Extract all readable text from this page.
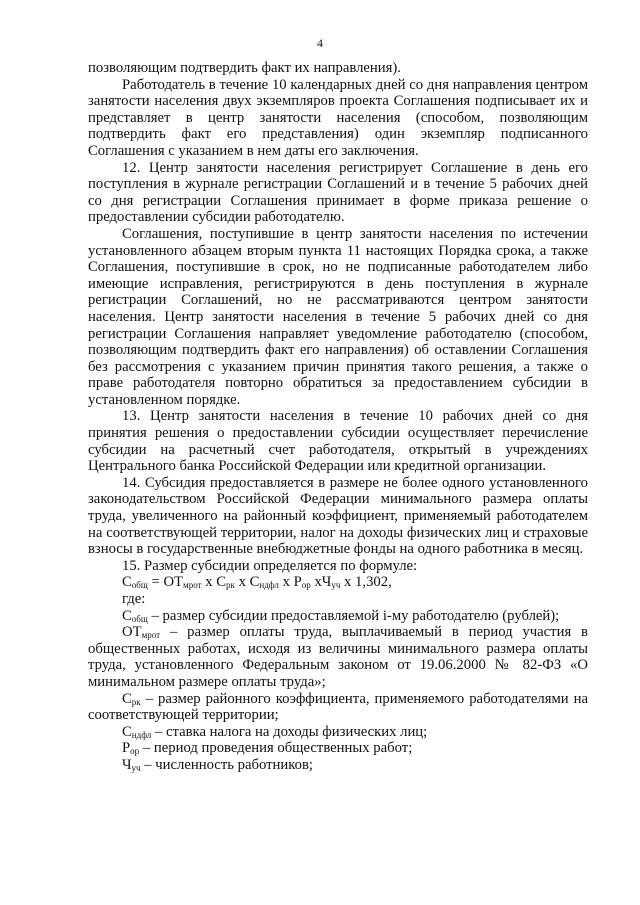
4

позволяющим подтвердить факт их направления).

Работодатель в течение 10 календарных дней со дня направления центром занятости населения двух экземпляров проекта Соглашения подписывает их и представляет в центр занятости населения (способом, позволяющим подтвердить факт его представления) один экземпляр подписанного Соглашения с указанием в нем даты его заключения.

12. Центр занятости населения регистрирует Соглашение в день его поступления в журнале регистрации Соглашений и в течение 5 рабочих дней со дня регистрации Соглашения принимает в форме приказа решение о предоставлении субсидии работодателю.

Соглашения, поступившие в центр занятости населения по истечении установленного абзацем вторым пункта 11 настоящих Порядка срока, а также Соглашения, поступившие в срок, но не подписанные работодателем либо имеющие исправления, регистрируются в день поступления в журнале регистрации Соглашений, но не рассматриваются центром занятости населения. Центр занятости населения в течение 5 рабочих дней со дня регистрации Соглашения направляет уведомление работодателю (способом, позволяющим подтвердить факт его направления) об оставлении Соглашения без рассмотрения с указанием причин принятия такого решения, а также о праве работодателя повторно обратиться за предоставлением субсидии в установленном порядке.

13. Центр занятости населения в течение 10 рабочих дней со дня принятия решения о предоставлении субсидии осуществляет перечисление субсидии на расчетный счет работодателя, открытый в учреждениях Центрального банка Российской Федерации или кредитной организации.

14. Субсидия предоставляется в размере не более одного установленного законодательством Российской Федерации минимального размера оплаты труда, увеличенного на районный коэффициент, применяемый работодателем на соответствующей территории, налог на доходы физических лиц и страховые взносы в государственные внебюджетные фонды на одного работника в месяц.

15. Размер субсидии определяется по формуле:

$С_{общ} = ОТ_{мрот}$ х $С_{рк}$ х $С_{ндфл}$ х $Р_{ор}$ $хЧ_{уч}$ х 1,302,

где:

$С_{общ}$ – размер субсидии предоставляемой i-му работодателю (рублей);

$ОТ_{мрот}$ – размер оплаты труда, выплачиваемый в период участия в общественных работах, исходя из величины минимального размера оплаты труда, установленного Федеральным законом от 19.06.2000 № 82-ФЗ «О минимальном размере оплаты труда»;

$С_{рк}$ – размер районного коэффициента, применяемого работодателями на соответствующей территории;

$С_{ндфл}$ – ставка налога на доходы физических лиц;

$Р_{ор}$ – период проведения общественных работ;

$Ч_{уч}$ – численность работников;
